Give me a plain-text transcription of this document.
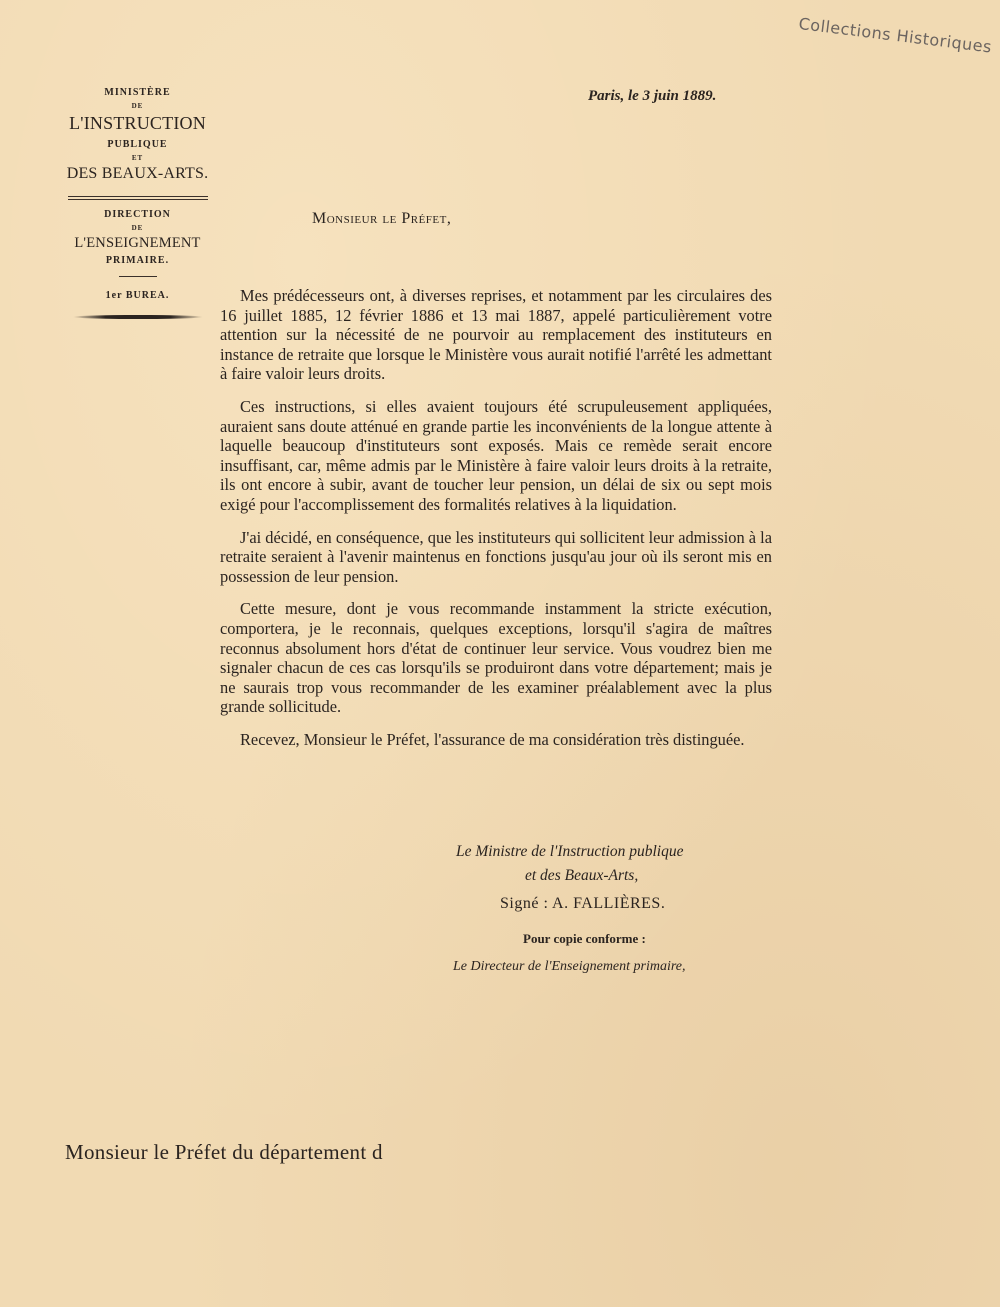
Collections Historiques

MINISTÈRE

DE

L'INSTRUCTION

PUBLIQUE

ET

DES BEAUX-ARTS.

DIRECTION

DE

L'ENSEIGNEMENT

PRIMAIRE.

1er BUREA.

Paris, le 3 juin 1889.
Monsieur le Préfet,

Mes prédécesseurs ont, à diverses reprises, et notamment par les circulaires des 16 juillet 1885, 12 février 1886 et 13 mai 1887, appelé particulièrement votre attention sur la nécessité de ne pourvoir au remplacement des instituteurs en instance de retraite que lorsque le Ministère vous aurait notifié l'arrêté les admettant à faire valoir leurs droits.

Ces instructions, si elles avaient toujours été scrupuleusement appliquées, auraient sans doute atténué en grande partie les inconvénients de la longue attente à laquelle beaucoup d'instituteurs sont exposés. Mais ce remède serait encore insuffisant, car, même admis par le Ministère à faire valoir leurs droits à la retraite, ils ont encore à subir, avant de toucher leur pension, un délai de six ou sept mois exigé pour l'accomplissement des formalités relatives à la liquidation.

J'ai décidé, en conséquence, que les instituteurs qui sollicitent leur admission à la retraite seraient à l'avenir maintenus en fonctions jusqu'au jour où ils seront mis en possession de leur pension.

Cette mesure, dont je vous recommande instamment la stricte exécution, comportera, je le reconnais, quelques exceptions, lorsqu'il s'agira de maîtres reconnus absolument hors d'état de continuer leur service. Vous voudrez bien me signaler chacun de ces cas lorsqu'ils se produiront dans votre département; mais je ne saurais trop vous recommander de les examiner préalablement avec la plus grande sollicitude.

Recevez, Monsieur le Préfet, l'assurance de ma considération très distinguée.

Le Ministre de l'Instruction publique
et des Beaux-Arts,
Signé : A. FALLIÈRES.
Pour copie conforme :
Le Directeur de l'Enseignement primaire,
Monsieur le Préfet du département d
